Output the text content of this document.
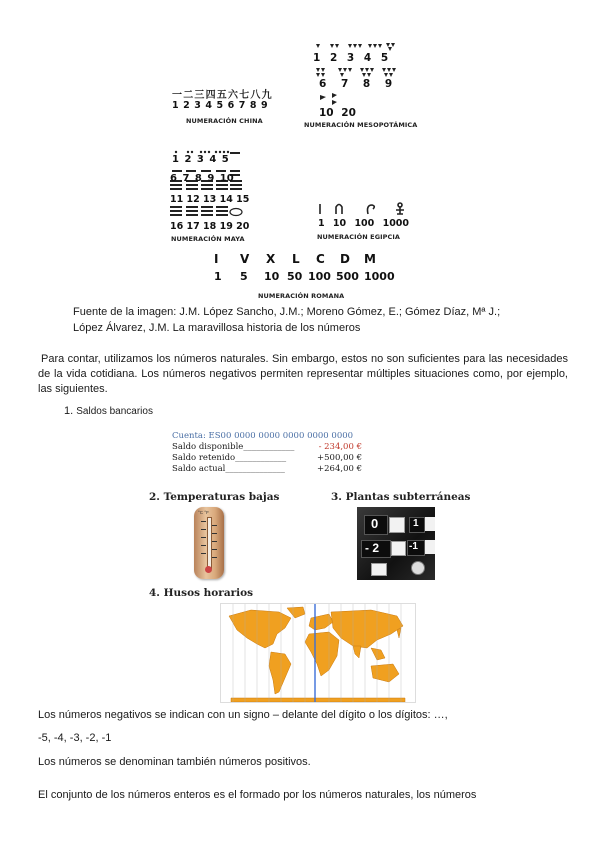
一二三四五六七八九
1 2 3 4 5 6 7 8 9
NUMERACIÓN CHINA
1 2 3 4 5
6 7 8 9
10 20
NUMERACIÓN MESOPOTÁMICA
1 2 3 4 5
6 7 8 9 10
11 12 13 14 15
16 17 18 19 20
NUMERACIÓN MAYA
1 10 100 1000
NUMERACIÓN EGIPCIA
I V X L C D M
1 5 10 50 100 500 1000
NUMERACIÓN ROMANA
Fuente de la imagen: J.M. López Sancho, J.M.; Moreno Gómez, E.; Gómez Díaz, Mª J.;
López Álvarez, J.M. La maravillosa historia de los números
Para contar, utilizamos los números naturales. Sin embargo, estos no son suficientes para las necesidades de la vida cotidiana. Los números negativos permiten representar múltiples situaciones como, por ejemplo, las siguientes.
1. Saldos bancarios
Cuenta: ES00 0000 0000 0000 0000 0000
Saldo disponible____________	- 234,00 €
Saldo retenido____________	+500,00 €
Saldo actual______________	+264,00 €
2. Temperaturas bajas
°C °F
3. Plantas subterráneas
0
- 2
1
-1
4. Husos horarios
Los números negativos se indican con un signo – delante del dígito o los dígitos: …,
-5, -4, -3, -2, -1
Los números se denominan también números positivos.
El conjunto de los números enteros es el formado por los números naturales, los números
